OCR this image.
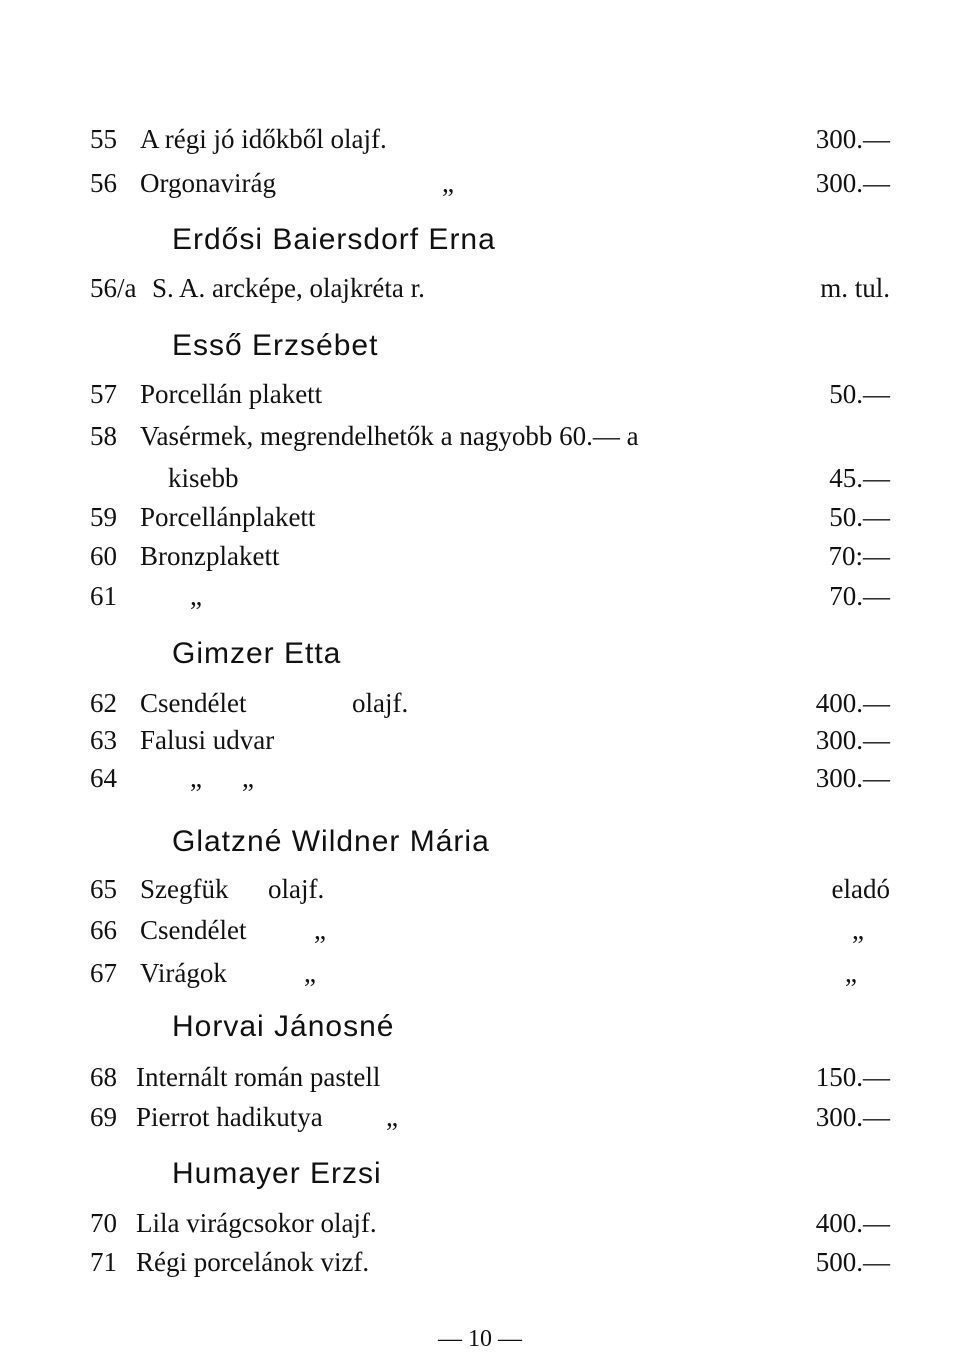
55 A régi jó időkből olajf.	300.—
56 Orgonavirág	„	300.—
Erdősi Baiersdorf Erna
56/a S. A. arcképe, olajkréta r.	m. tul.
Esső Erzsébet
57 Porcellán plakett	50.—
58 Vasérmek, megrendelhetők a nagyobb 60.— a
kisebb	45.—
59 Porcellánplakett	50.—
60 Bronzplakett	70:—
61	„	70.—
Gimzer Etta
62 Csendélet	olajf.	400.—
63 Falusi udvar	300.—
64	„ „	300.—
Glatzné Wildner Mária
65 Szegfük olajf.	eladó
66 Csendélet	„	„
67 Virágok	„	„
Horvai Jánosné
68 Internált román pastell	150.—
69 Pierrot hadikutya „	300.—
Humayer Erzsi
70 Lila virágcsokor olajf.	400.—
71 Régi porcelánok vizf.	500.—
— 10 —
